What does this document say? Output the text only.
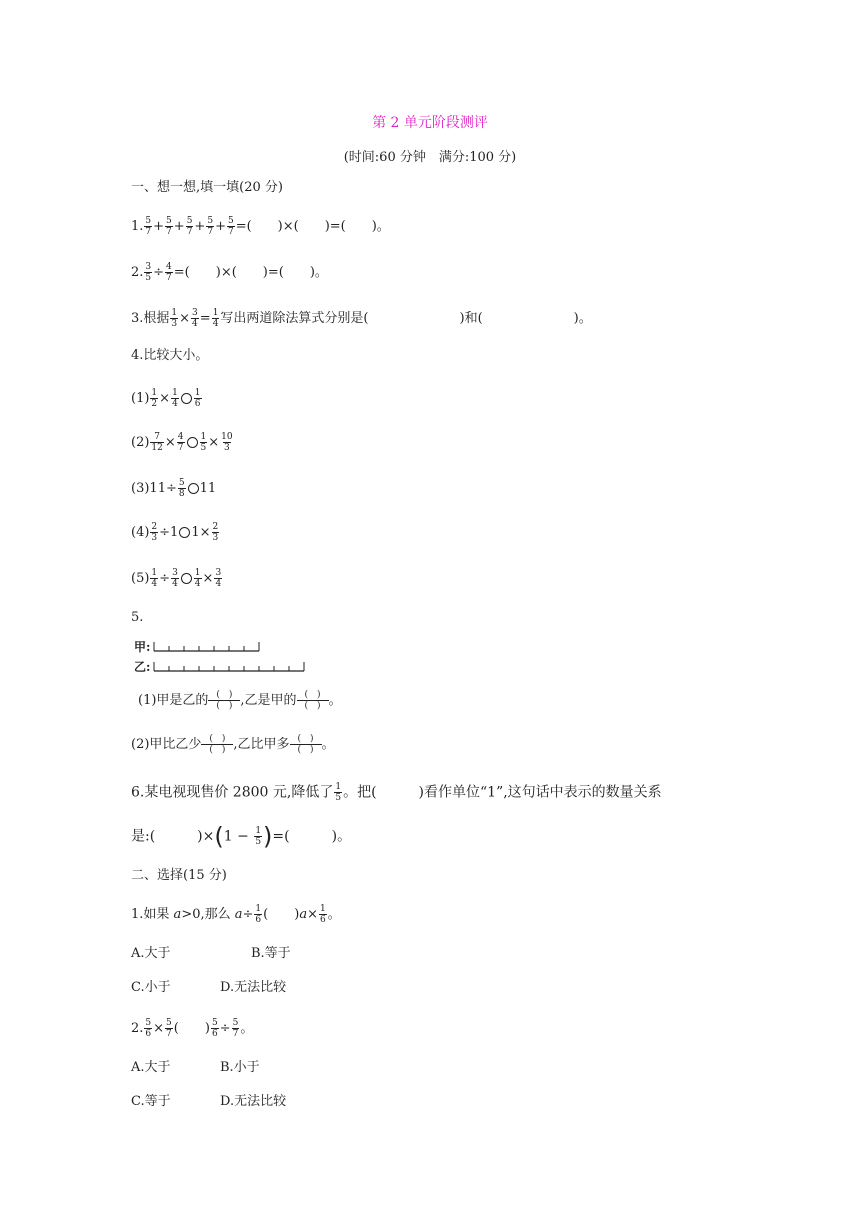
第 2 单元阶段测评
(时间:60 分钟　满分:100 分)
一、想一想,填一填(20 分)
1. $\frac{5}{7} + \frac{5}{7} + \frac{5}{7} + \frac{5}{7} + \frac{5}{7}$ =(　　)×(　　)=(　　)。
2. $\frac{3}{5} \div \frac{4}{7}$ =(　　)×(　　)=(　　)。
3.根据 $\frac{1}{3} \times \frac{3}{4} = \frac{1}{4}$ 写出两道除法算式分别是(　　　　　　　)和(　　　　　　　)。
4.比较大小。
$(1) \frac{1}{2} \times \frac{1}{4} \frac{1}{6}$
$(2) \frac{7}{12} \times \frac{4}{7} \frac{1}{5} \times \frac{10}{3}$
$(3)11\div \frac{5}{8} 11$
$(4) \frac{2}{3} \div 1$ $1\times \frac{2}{3}$
$(5) \frac{1}{4} \div \frac{3}{4} \frac{1}{4} \times \frac{3}{4}$
5.
甲:
乙:
(1)甲是乙的 (　)
(　) ,乙是甲的 (　)
(　) 。
(2)甲比乙少 (　)
(　) ,乙比甲多 (　)
(　) 。
6.某电视现售价 2800 元,降低了 $\frac{1}{5}$ 。把(　　　)看作单位“1”,这句话中表示的数量关系
是:(　　　)$\times(1 - \frac{1}{5}$ )=(　　　)。
二、选择(15 分)
1.如果 a>0,那么 $a\div \frac{1}{6}$ (　　)$a\times \frac{1}{6}$ 。
A.大于	B.等于
C.小于	D.无法比较
2. $\frac{5}{6} \times \frac{5}{7}$ (　　) $\frac{5}{6} \div \frac{5}{7}$ 。
A.大于	B.小于
C.等于	D.无法比较
